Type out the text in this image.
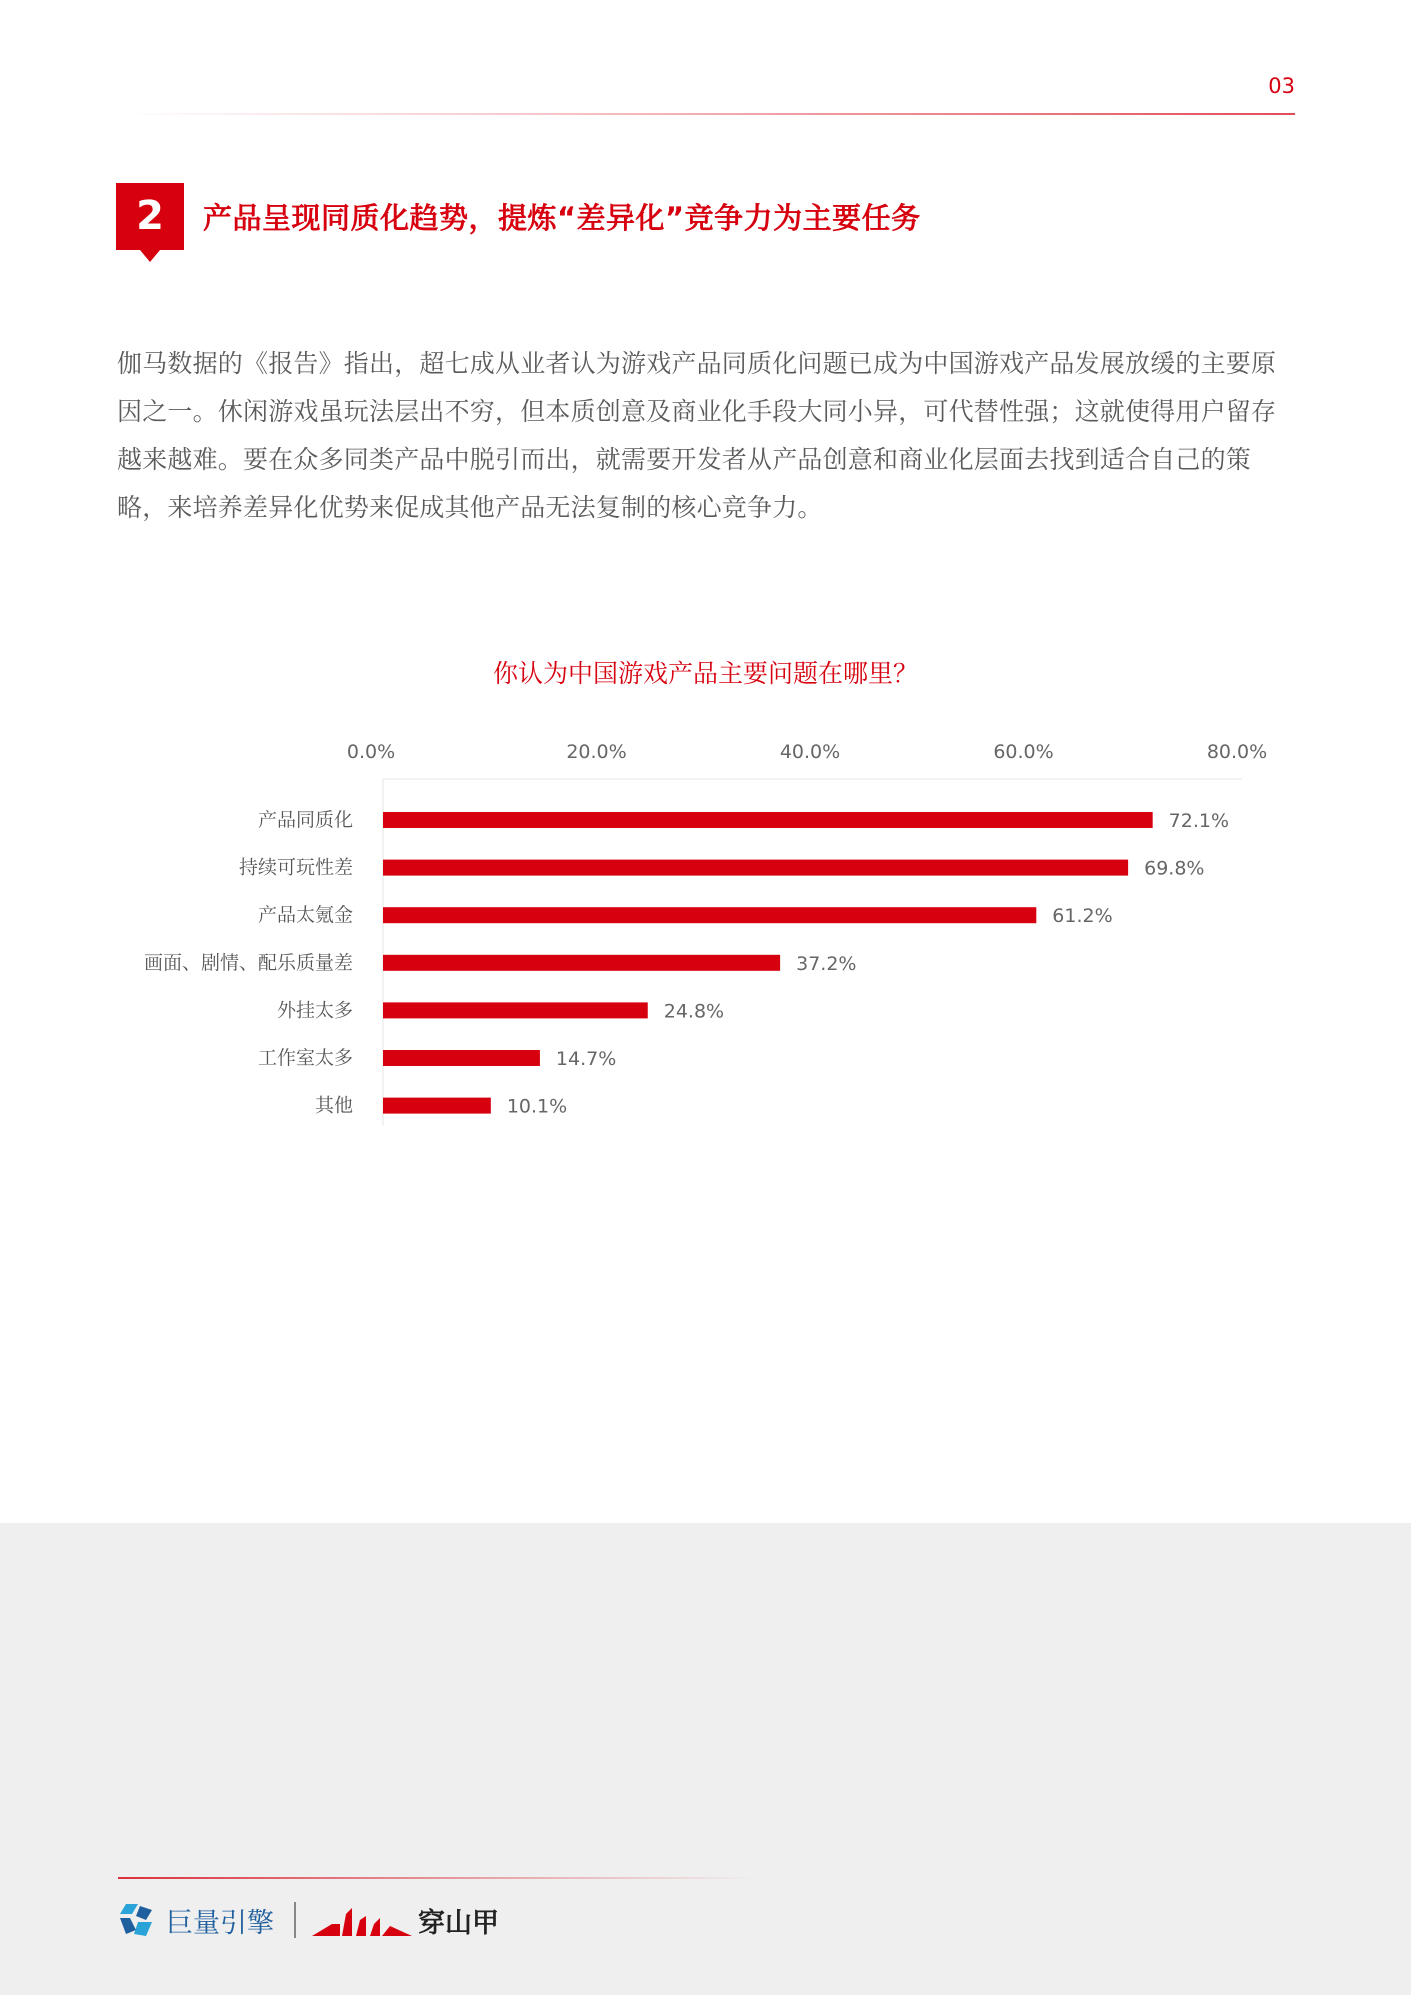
03
2	产品呈现同质化趋势，提炼“差异化”竞争力为主要任务

伽马数据的《报告》指出，超七成从业者认为游戏产品同质化问题已成为中国游戏产品发展放缓的主要原因之一。休闲游戏虽玩法层出不穷，但本质创意及商业化手段大同小异，可代替性强；这就使得用户留存越来越难。要在众多同类产品中脱引而出，就需要开发者从产品创意和商业化层面去找到适合自己的策略，来培养差异化优势来促成其他产品无法复制的核心竞争力。

你认为中国游戏产品主要问题在哪里？
0.0%	20.0%	40.0%	60.0%	80.0%
产品同质化	72.1%
持续可玩性差	69.8%
产品太氪金	61.2%
画面、剧情、配乐质量差	37.2%
外挂太多	24.8%
工作室太多	14.7%
其他	10.1%
巨量引擎	穿山甲
